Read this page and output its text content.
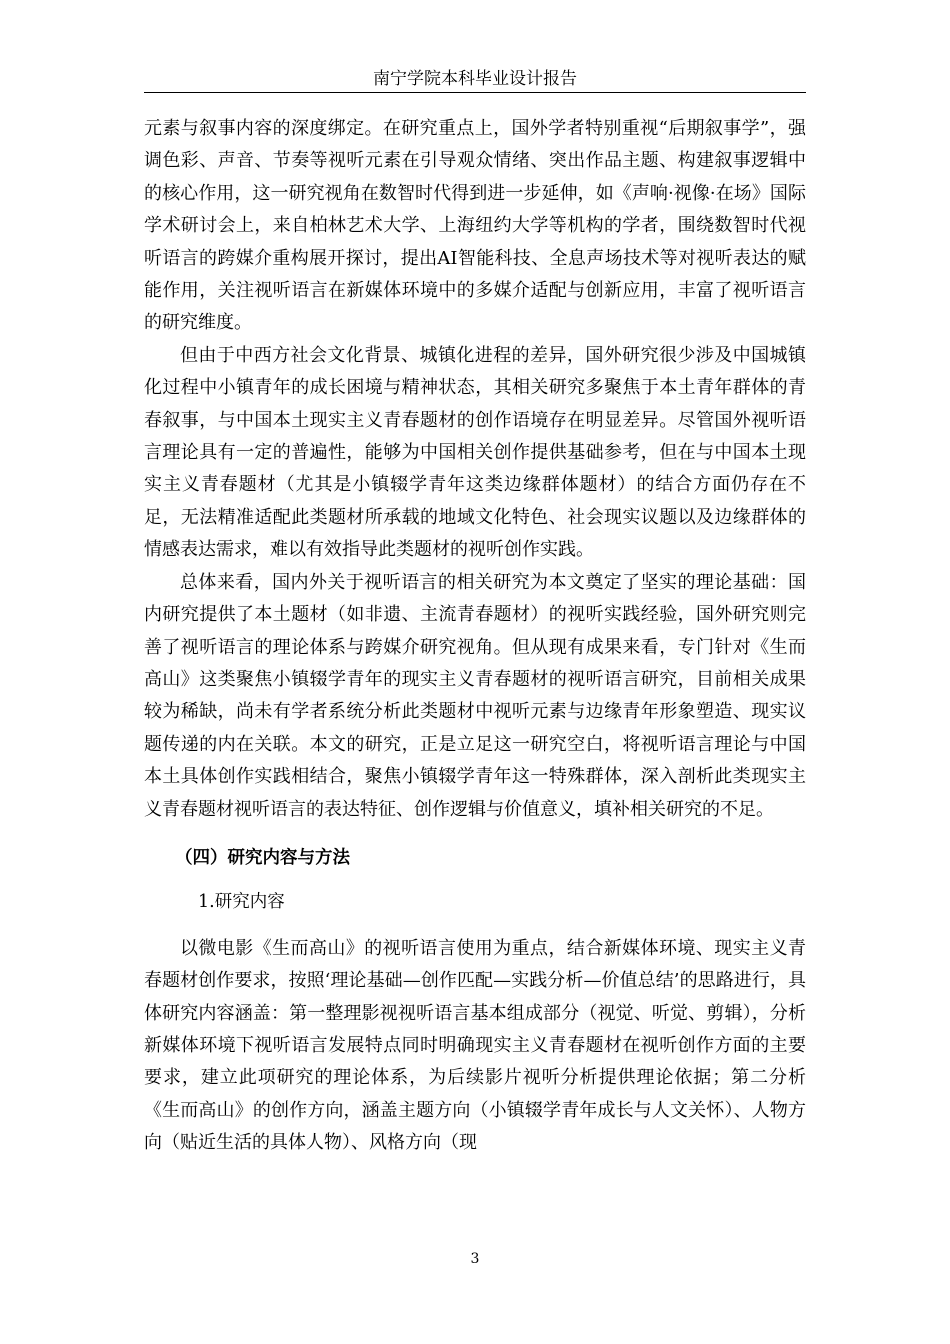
南宁学院本科毕业设计报告

元素与叙事内容的深度绑定。在研究重点上，国外学者特别重视“后期叙事学”，强调色彩、声音、节奏等视听元素在引导观众情绪、突出作品主题、构建叙事逻辑中的核心作用，这一研究视角在数智时代得到进一步延伸，如《声响·视像·在场》国际学术研讨会上，来自柏林艺术大学、上海纽约大学等机构的学者，围绕数智时代视听语言的跨媒介重构展开探讨，提出AI智能科技、全息声场技术等对视听表达的赋能作用，关注视听语言在新媒体环境中的多媒介适配与创新应用，丰富了视听语言的研究维度。

但由于中西方社会文化背景、城镇化进程的差异，国外研究很少涉及中国城镇化过程中小镇青年的成长困境与精神状态，其相关研究多聚焦于本土青年群体的青春叙事，与中国本土现实主义青春题材的创作语境存在明显差异。尽管国外视听语言理论具有一定的普遍性，能够为中国相关创作提供基础参考，但在与中国本土现实主义青春题材（尤其是小镇辍学青年这类边缘群体题材）的结合方面仍存在不足，无法精准适配此类题材所承载的地域文化特色、社会现实议题以及边缘群体的情感表达需求，难以有效指导此类题材的视听创作实践。

总体来看，国内外关于视听语言的相关研究为本文奠定了坚实的理论基础：国内研究提供了本土题材（如非遗、主流青春题材）的视听实践经验，国外研究则完善了视听语言的理论体系与跨媒介研究视角。但从现有成果来看，专门针对《生而高山》这类聚焦小镇辍学青年的现实主义青春题材的视听语言研究，目前相关成果较为稀缺，尚未有学者系统分析此类题材中视听元素与边缘青年形象塑造、现实议题传递的内在关联。本文的研究，正是立足这一研究空白，将视听语言理论与中国本土具体创作实践相结合，聚焦小镇辍学青年这一特殊群体，深入剖析此类现实主义青春题材视听语言的表达特征、创作逻辑与价值意义，填补相关研究的不足。

（四）研究内容与方法
1.研究内容

以微电影《生而高山》的视听语言使用为重点，结合新媒体环境、现实主义青春题材创作要求，按照‘理论基础—创作匹配—实践分析—价值总结’的思路进行，具体研究内容涵盖：第一整理影视视听语言基本组成部分（视觉、听觉、剪辑），分析新媒体环境下视听语言发展特点同时明确现实主义青春题材在视听创作方面的主要要求，建立此项研究的理论体系，为后续影片视听分析提供理论依据；第二分析《生而高山》的创作方向，涵盖主题方向（小镇辍学青年成长与人文关怀）、人物方向（贴近生活的具体人物）、风格方向（现

3
